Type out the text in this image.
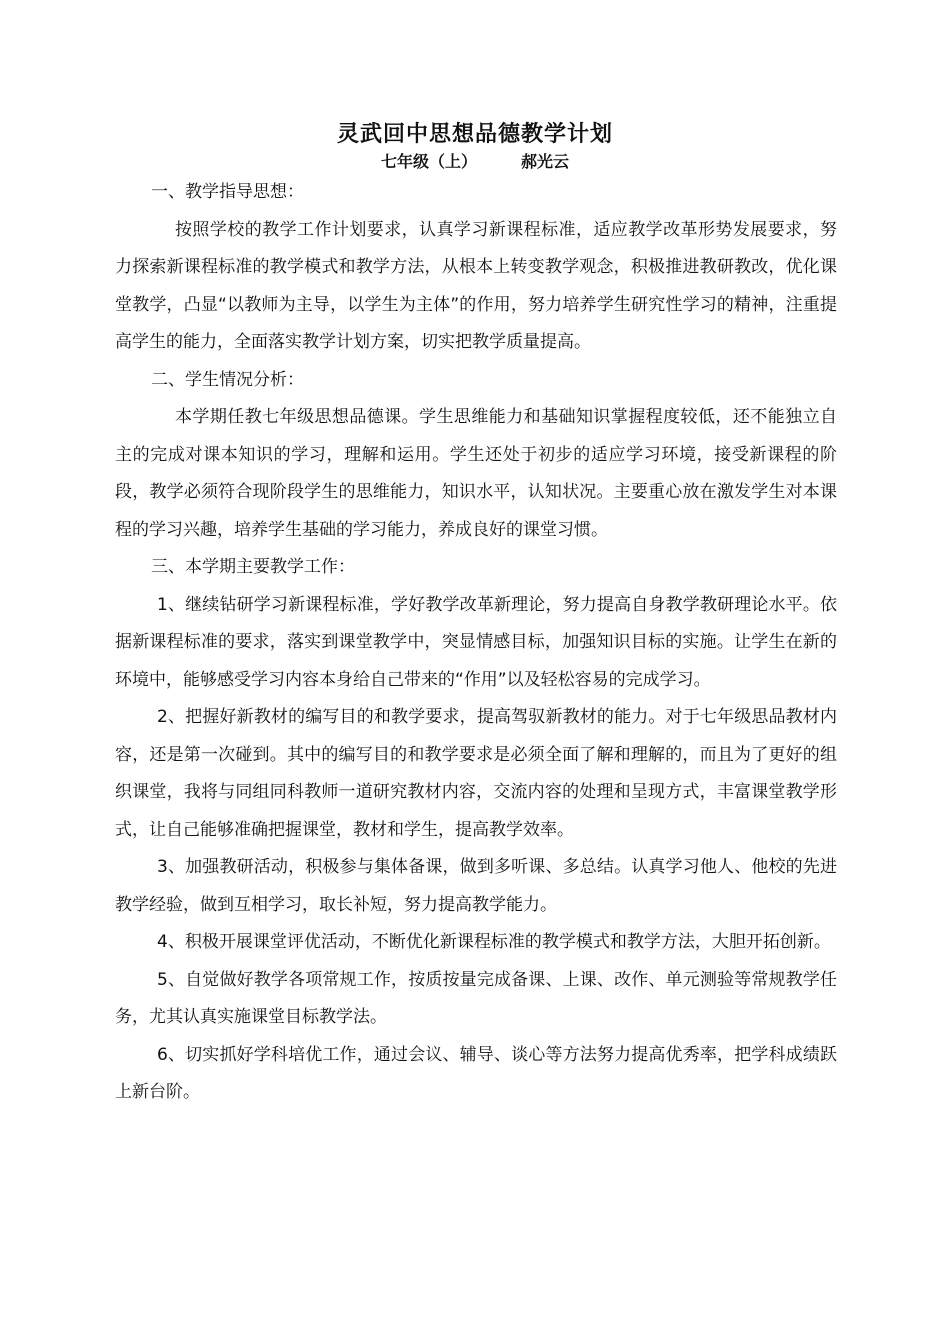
灵武回中思想品德教学计划
七年级（上）	郝光云

一、教学指导思想：

按照学校的教学工作计划要求，认真学习新课程标准，适应教学改革形势发展要求，努力探索新课程标准的教学模式和教学方法，从根本上转变教学观念，积极推进教研教改，优化课堂教学，凸显“以教师为主导，以学生为主体”的作用，努力培养学生研究性学习的精神，注重提高学生的能力，全面落实教学计划方案，切实把教学质量提高。

二、学生情况分析：

本学期任教七年级思想品德课。学生思维能力和基础知识掌握程度较低，还不能独立自主的完成对课本知识的学习，理解和运用。学生还处于初步的适应学习环境，接受新课程的阶段，教学必须符合现阶段学生的思维能力，知识水平，认知状况。主要重心放在激发学生对本课程的学习兴趣，培养学生基础的学习能力，养成良好的课堂习惯。

三、本学期主要教学工作：

1、继续钻研学习新课程标准，学好教学改革新理论，努力提高自身教学教研理论水平。依据新课程标准的要求，落实到课堂教学中，突显情感目标，加强知识目标的实施。让学生在新的环境中，能够感受学习内容本身给自己带来的“作用”以及轻松容易的完成学习。

2、把握好新教材的编写目的和教学要求，提高驾驭新教材的能力。对于七年级思品教材内容，还是第一次碰到。其中的编写目的和教学要求是必须全面了解和理解的，而且为了更好的组织课堂，我将与同组同科教师一道研究教材内容，交流内容的处理和呈现方式，丰富课堂教学形式，让自己能够准确把握课堂，教材和学生，提高教学效率。

3、加强教研活动，积极参与集体备课，做到多听课、多总结。认真学习他人、他校的先进教学经验，做到互相学习，取长补短，努力提高教学能力。

4、积极开展课堂评优活动，不断优化新课程标准的教学模式和教学方法，大胆开拓创新。

5、自觉做好教学各项常规工作，按质按量完成备课、上课、改作、单元测验等常规教学任务，尤其认真实施课堂目标教学法。

6、切实抓好学科培优工作，通过会议、辅导、谈心等方法努力提高优秀率，把学科成绩跃上新台阶。
